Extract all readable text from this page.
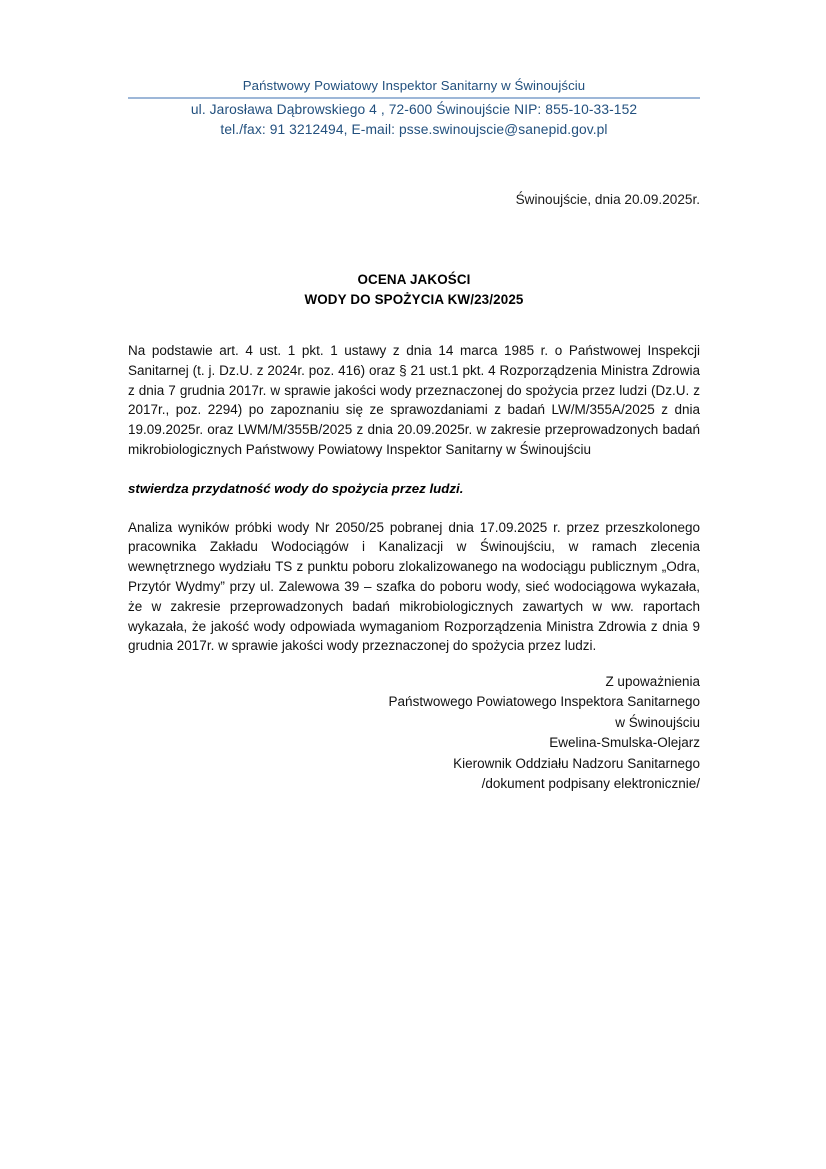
Państwowy Powiatowy Inspektor Sanitarny w Świnoujściu
ul. Jarosława Dąbrowskiego 4 , 72-600 Świnoujście NIP: 855-10-33-152
tel./fax: 91 3212494, E-mail: psse.swinoujscie@sanepid.gov.pl
Świnoujście, dnia 20.09.2025r.
OCENA JAKOŚCI
WODY DO SPOŻYCIA KW/23/2025

Na podstawie art. 4 ust. 1 pkt. 1 ustawy z dnia 14 marca 1985 r. o Państwowej Inspekcji Sanitarnej (t. j. Dz.U. z 2024r. poz. 416) oraz § 21 ust.1 pkt. 4 Rozporządzenia Ministra Zdrowia z dnia 7 grudnia 2017r. w sprawie jakości wody przeznaczonej do spożycia przez ludzi (Dz.U. z 2017r., poz. 2294) po zapoznaniu się ze sprawozdaniami z badań LW/M/355A/2025 z dnia 19.09.2025r. oraz LWM/M/355B/2025 z dnia 20.09.2025r. w zakresie przeprowadzonych badań mikrobiologicznych Państwowy Powiatowy Inspektor Sanitarny w Świnoujściu

stwierdza przydatność wody do spożycia przez ludzi.

Analiza wyników próbki wody Nr 2050/25 pobranej dnia 17.09.2025 r. przez przeszkolonego pracownika Zakładu Wodociągów i Kanalizacji w Świnoujściu, w ramach zlecenia wewnętrznego wydziału TS z punktu poboru zlokalizowanego na wodociągu publicznym „Odra, Przytór Wydmy” przy ul. Zalewowa 39 – szafka do poboru wody, sieć wodociągowa wykazała, że w zakresie przeprowadzonych badań mikrobiologicznych zawartych w ww. raportach wykazała, że jakość wody odpowiada wymaganiom Rozporządzenia Ministra Zdrowia z dnia 9 grudnia 2017r. w sprawie jakości wody przeznaczonej do spożycia przez ludzi.

Z upoważnienia
Państwowego Powiatowego Inspektora Sanitarnego
w Świnoujściu
Ewelina-Smulska-Olejarz
Kierownik Oddziału Nadzoru Sanitarnego
/dokument podpisany elektronicznie/
